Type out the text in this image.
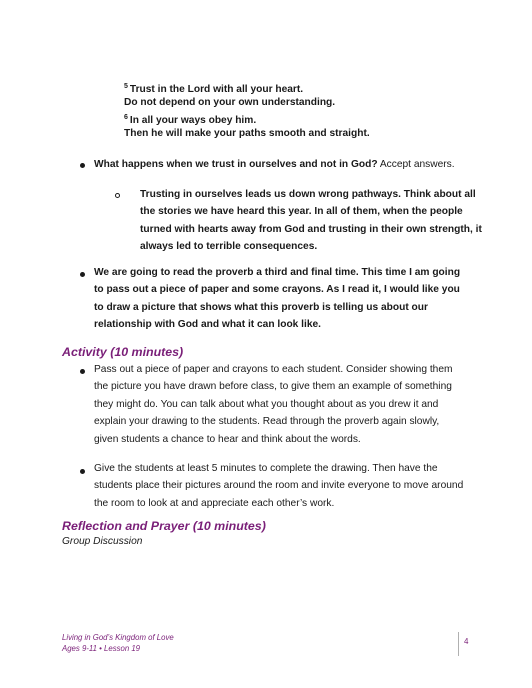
$^5$ Trust in the Lord with all your heart.
Do not depend on your own understanding.
$^6$ In all your ways obey him.
Then he will make your paths smooth and straight.
What happens when we trust in ourselves and not in God? Accept answers.
Trusting in ourselves leads us down wrong pathways. Think about all the stories we have heard this year. In all of them, when the people turned with hearts away from God and trusting in their own strength, it always led to terrible consequences.
We are going to read the proverb a third and final time. This time I am going to pass out a piece of paper and some crayons. As I read it, I would like you to draw a picture that shows what this proverb is telling us about our relationship with God and what it can look like.
Activity (10 minutes)
Pass out a piece of paper and crayons to each student. Consider showing them the picture you have drawn before class, to give them an example of something they might do. You can talk about what you thought about as you drew it and explain your drawing to the students. Read through the proverb again slowly, given students a chance to hear and think about the words.
Give the students at least 5 minutes to complete the drawing. Then have the students place their pictures around the room and invite everyone to move around the room to look at and appreciate each other’s work.
Reflection and Prayer (10 minutes)
Group Discussion
Living in God’s Kingdom of Love
Ages 9-11 • Lesson 19
4
